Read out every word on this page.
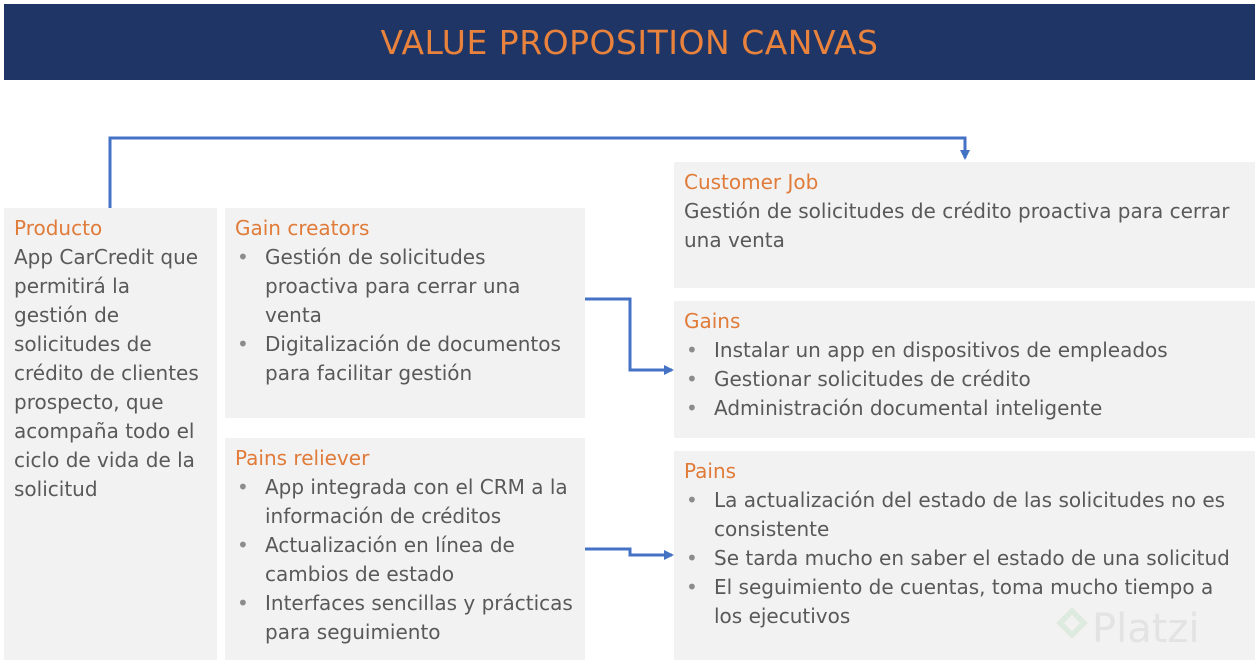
VALUE PROPOSITION CANVAS
Producto
App CarCredit que permitirá la gestión de solicitudes de crédito de clientes prospecto, que acompaña todo el ciclo de vida de la solicitud
Gain creators
• Gestión de solicitudes proactiva para cerrar una venta
• Digitalización de documentos para facilitar gestión
Pains reliever
• App integrada con el CRM a la información de créditos
• Actualización en línea de cambios de estado
• Interfaces sencillas y prácticas para seguimiento
Customer Job
Gestión de solicitudes de crédito proactiva para cerrar una venta
Gains
• Instalar un app en dispositivos de empleados
• Gestionar solicitudes de crédito
• Administración documental inteligente
Pains
• La actualización del estado de las solicitudes no es consistente
• Se tarda mucho en saber el estado de una solicitud
• El seguimiento de cuentas, toma mucho tiempo a los ejecutivos	Platzi
